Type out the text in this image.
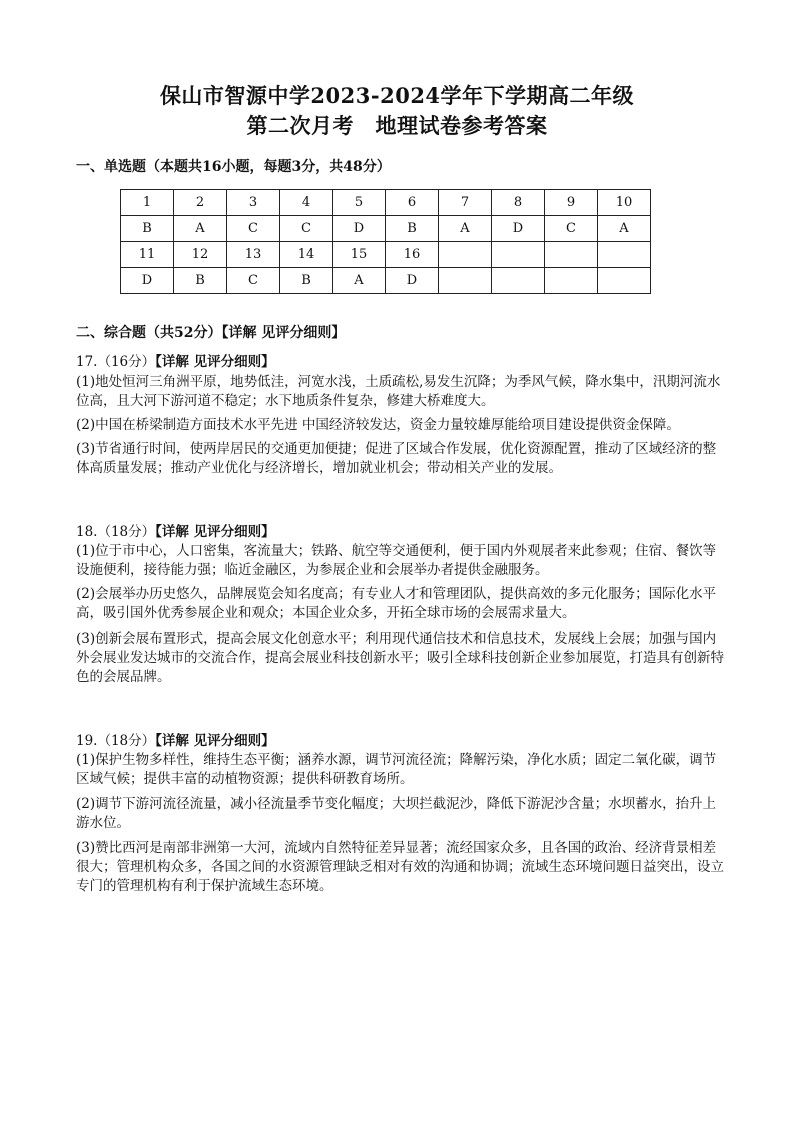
保山市智源中学2023-2024学年下学期高二年级
第二次月考　地理试卷参考答案
一、单选题（本题共16小题，每题3分，共48分）
1	2	3	4	5	6	7	8	9	10
B	A	C	C	D	B	A	D	C	A
11	12	13	14	15	16				
D	B	C	B	A	D				
二、综合题（共52分）【详解 见评分细则】
17.（16分）【详解 见评分细则】
(1)地处恒河三角洲平原，地势低洼，河宽水浅，土质疏松,易发生沉降；为季风气候，降水集中，汛期河流水位高，且大河下游河道不稳定；水下地质条件复杂，修建大桥难度大。
(2)中国在桥梁制造方面技术水平先进 中国经济较发达，资金力量较雄厚能给项目建设提供资金保障。
(3)节省通行时间，使两岸居民的交通更加便捷；促进了区域合作发展，优化资源配置，推动了区域经济的整体高质量发展；推动产业优化与经济增长，增加就业机会；带动相关产业的发展。
18.（18分）【详解 见评分细则】
(1)位于市中心，人口密集，客流量大；铁路、航空等交通便利，便于国内外观展者来此参观；住宿、餐饮等设施便利，接待能力强；临近金融区，为参展企业和会展举办者提供金融服务。
(2)会展举办历史悠久，品牌展览会知名度高；有专业人才和管理团队，提供高效的多元化服务；国际化水平高，吸引国外优秀参展企业和观众；本国企业众多，开拓全球市场的会展需求量大。
(3)创新会展布置形式，提高会展文化创意水平；利用现代通信技术和信息技术，发展线上会展；加强与国内外会展业发达城市的交流合作，提高会展业科技创新水平；吸引全球科技创新企业参加展览，打造具有创新特色的会展品牌。
19.（18分）【详解 见评分细则】
(1)保护生物多样性，维持生态平衡；涵养水源，调节河流径流；降解污染，净化水质；固定二氧化碳，调节区域气候；提供丰富的动植物资源；提供科研教育场所。
(2)调节下游河流径流量，减小径流量季节变化幅度；大坝拦截泥沙，降低下游泥沙含量；水坝蓄水，抬升上游水位。
(3)赞比西河是南部非洲第一大河，流域内自然特征差异显著；流经国家众多，且各国的政治、经济背景相差很大；管理机构众多，各国之间的水资源管理缺乏相对有效的沟通和协调；流域生态环境问题日益突出，设立专门的管理机构有利于保护流域生态环境。
